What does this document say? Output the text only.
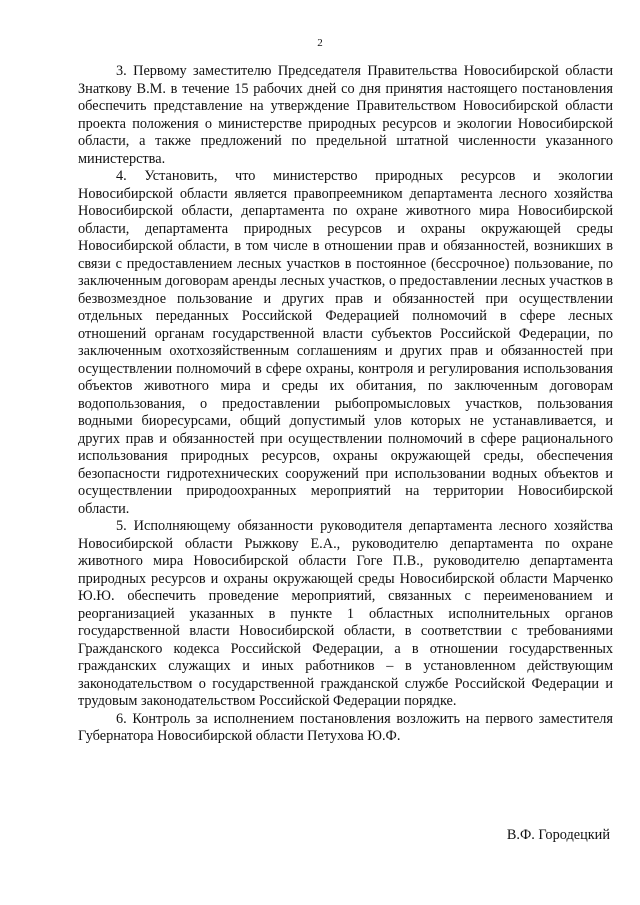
2

3. Первому заместителю Председателя Правительства Новосибирской области Знаткову В.М. в течение 15 рабочих дней со дня принятия настоящего постановления обеспечить представление на утверждение Правительством Новосибирской области проекта положения о министерстве природных ресурсов и экологии Новосибирской области, а также предложений по предельной штатной численности указанного министерства.

4. Установить, что министерство природных ресурсов и экологии Новосибирской области является правопреемником департамента лесного хозяйства Новосибирской области, департамента по охране животного мира Новосибирской области, департамента природных ресурсов и охраны окружающей среды Новосибирской области, в том числе в отношении прав и обязанностей, возникших в связи с предоставлением лесных участков в постоянное (бессрочное) пользование, по заключенным договорам аренды лесных участков, о предоставлении лесных участков в безвозмездное пользование и других прав и обязанностей при осуществлении отдельных переданных Российской Федерацией полномочий в сфере лесных отношений органам государственной власти субъектов Российской Федерации, по заключенным охотхозяйственным соглашениям и других прав и обязанностей при осуществлении полномочий в сфере охраны, контроля и регулирования использования объектов животного мира и среды их обитания, по заключенным договорам водопользования, о предоставлении рыбопромысловых участков, пользования водными биоресурсами, общий допустимый улов которых не устанавливается, и других прав и обязанностей при осуществлении полномочий в сфере рационального использования природных ресурсов, охраны окружающей среды, обеспечения безопасности гидротехнических сооружений при использовании водных объектов и осуществлении природоохранных мероприятий на территории Новосибирской области.

5. Исполняющему обязанности руководителя департамента лесного хозяйства Новосибирской области Рыжкову Е.А., руководителю департамента по охране животного мира Новосибирской области Гоге П.В., руководителю департамента природных ресурсов и охраны окружающей среды Новосибирской области Марченко Ю.Ю. обеспечить проведение мероприятий, связанных с переименованием и реорганизацией указанных в пункте 1 областных исполнительных органов государственной власти Новосибирской области, в соответствии с требованиями Гражданского кодекса Российской Федерации, а в отношении государственных гражданских служащих и иных работников – в установленном действующим законодательством о государственной гражданской службе Российской Федерации и трудовым законодательством Российской Федерации порядке.

6. Контроль за исполнением постановления возложить на первого заместителя Губернатора Новосибирской области Петухова Ю.Ф.

В.Ф. Городецкий
